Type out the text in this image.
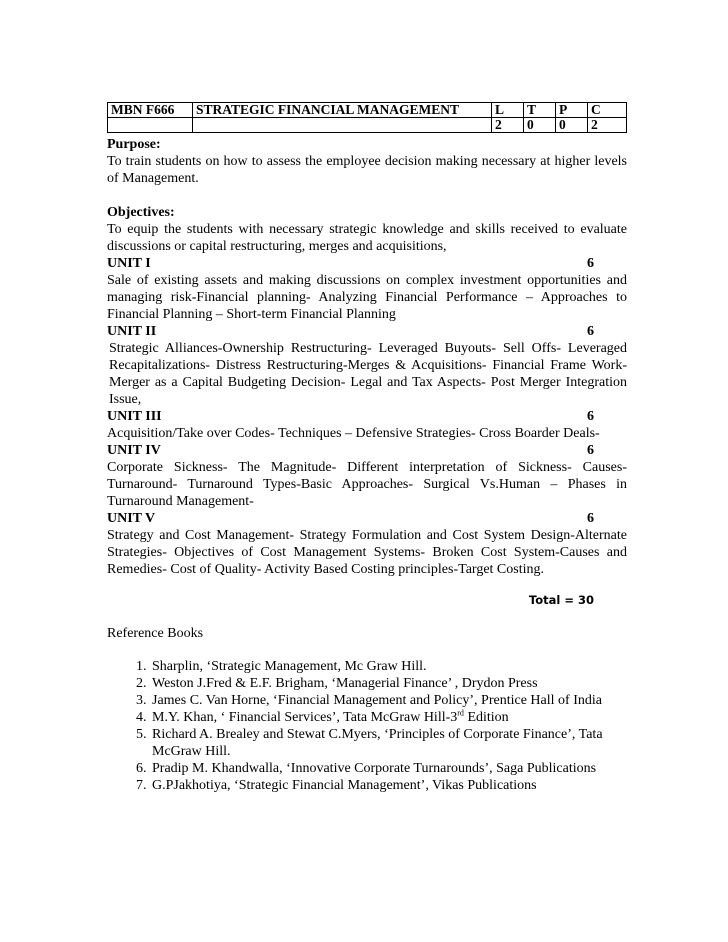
MBN F666	STRATEGIC FINANCIAL MANAGEMENT	L	T	P	C
		2	0	0	2

Purpose:

To train students on how to assess the employee decision making necessary at higher levels of Management.

Objectives:

To equip the students with necessary strategic knowledge and skills received to evaluate discussions or capital restructuring, merges and acquisitions,

UNIT I	6

Sale of existing assets and making discussions on complex investment opportunities and managing risk-Financial planning- Analyzing Financial Performance – Approaches to Financial Planning – Short-term Financial Planning

UNIT II	6

Strategic Alliances-Ownership Restructuring- Leveraged Buyouts- Sell Offs- Leveraged Recapitalizations- Distress Restructuring-Merges & Acquisitions- Financial Frame Work- Merger as a Capital Budgeting Decision- Legal and Tax Aspects- Post Merger Integration Issue,

UNIT III	6

Acquisition/Take over Codes- Techniques – Defensive Strategies- Cross Boarder Deals-

UNIT IV	6

Corporate Sickness- The Magnitude- Different interpretation of Sickness- Causes-Turnaround- Turnaround Types-Basic Approaches- Surgical Vs.Human – Phases in Turnaround Management-

UNIT V	6

Strategy and Cost Management- Strategy Formulation and Cost System Design-Alternate Strategies- Objectives of Cost Management Systems- Broken Cost System-Causes and Remedies- Cost of Quality- Activity Based Costing principles-Target Costing.

Total = 30
Reference Books
1. Sharplin, ‘Strategic Management, Mc Graw Hill.
2. Weston J.Fred & E.F. Brigham, ‘Managerial Finance’ , Drydon Press
3. James C. Van Horne, ‘Financial Management and Policy’, Prentice Hall of India
4. M.Y. Khan, ‘ Financial Services’, Tata McGraw Hill-3rd Edition
5. Richard A. Brealey and Stewat C.Myers, ‘Principles of Corporate Finance’, Tata McGraw Hill.
6. Pradip M. Khandwalla, ‘Innovative Corporate Turnarounds’, Saga Publications
7. G.PJakhotiya, ‘Strategic Financial Management’, Vikas Publications
